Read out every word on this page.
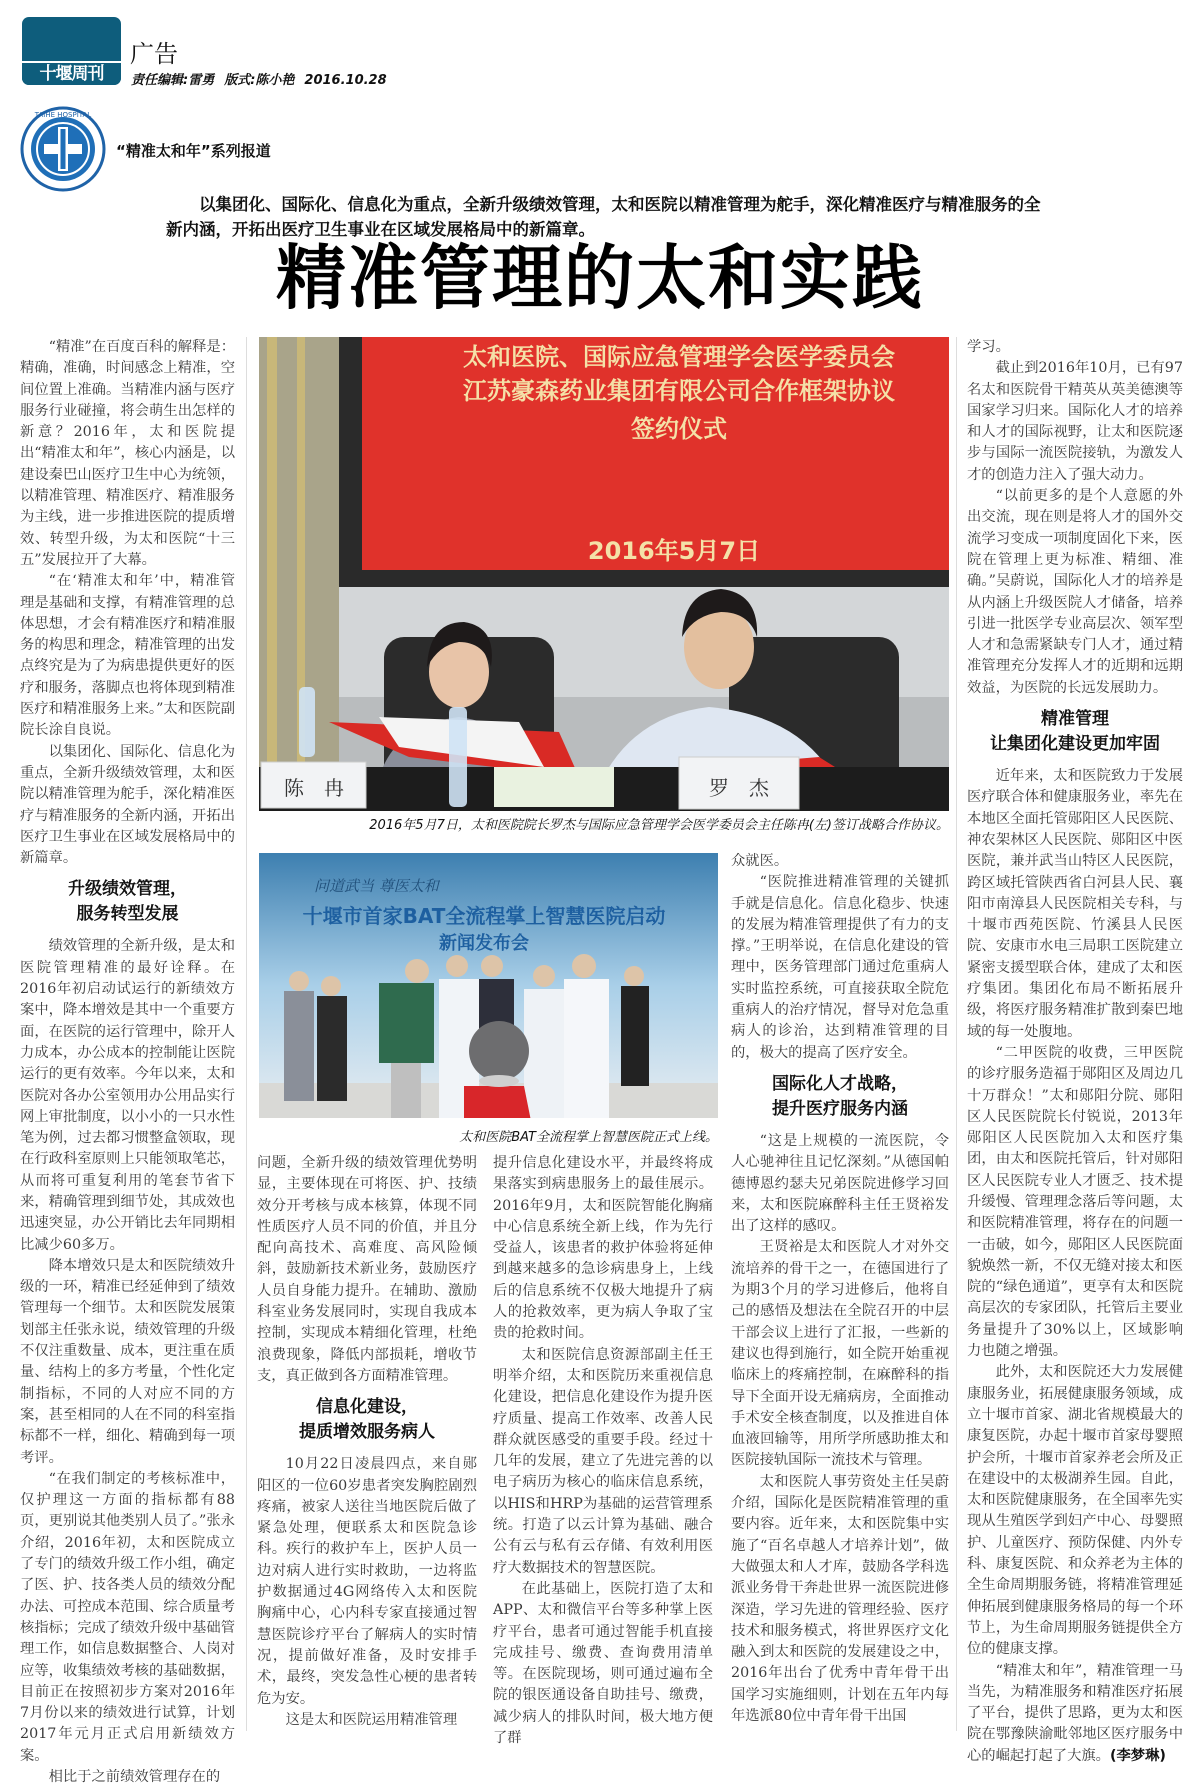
十堰周刊
广告
责任编辑:雷勇 版式:陈小艳 2016.10.28
TAIHE HOSPITAL
“精准太和年”系列报道
以集团化、国际化、信息化为重点，全新升级绩效管理，太和医院以精准管理为舵手，深化精准医疗与精准服务的全新内涵，开拓出医疗卫生事业在区域发展格局中的新篇章。
精准管理的太和实践
太和医院、国际应急管理学会医学委员会
江苏豪森药业集团有限公司合作框架协议
签约仪式
2016年5月7日
陈　冉	罗　杰
2016年5月7日，太和医院院长罗杰与国际应急管理学会医学委员会主任陈冉(左)签订战略合作协议。
问道武当 尊医太和
十堰市首家BAT全流程掌上智慧医院启动
新闻发布会
太和医院BAT全流程掌上智慧医院正式上线。

“精准”在百度百科的解释是：精确，准确，时间感念上精准，空间位置上准确。当精准内涵与医疗服务行业碰撞，将会萌生出怎样的新意？2016年，太和医院提出“精准太和年”，核心内涵是，以建设秦巴山医疗卫生中心为统领，以精准管理、精准医疗、精准服务为主线，进一步推进医院的提质增效、转型升级，为太和医院“十三五”发展拉开了大幕。

“在‘精准太和年’中，精准管理是基础和支撑，有精准管理的总体思想，才会有精准医疗和精准服务的构思和理念，精准管理的出发点终究是为了为病患提供更好的医疗和服务，落脚点也将体现到精准医疗和精准服务上来。”太和医院副院长涂自良说。

以集团化、国际化、信息化为重点，全新升级绩效管理，太和医院以精准管理为舵手，深化精准医疗与精准服务的全新内涵，开拓出医疗卫生事业在区域发展格局中的新篇章。

升级绩效管理，
服务转型发展

绩效管理的全新升级，是太和医院管理精准的最好诠释。在2016年初启动试运行的新绩效方案中，降本增效是其中一个重要方面，在医院的运行管理中，除开人力成本，办公成本的控制能让医院运行的更有效率。今年以来，太和医院对各办公室领用办公用品实行网上审批制度，以小小的一只水性笔为例，过去都习惯整盒领取，现在行政科室原则上只能领取笔芯，从而将可重复利用的笔套节省下来，精确管理到细节处，其成效也迅速突显，办公开销比去年同期相比减少60多万。

降本增效只是太和医院绩效升级的一环，精准已经延伸到了绩效管理每一个细节。太和医院发展策划部主任张永说，绩效管理的升级不仅注重数量、成本，更注重在质量、结构上的多方考量，个性化定制指标，不同的人对应不同的方案，甚至相同的人在不同的科室指标都不一样，细化、精确到每一项考评。

“在我们制定的考核标准中，仅护理这一方面的指标都有88页，更别说其他类别人员了。”张永介绍，2016年初，太和医院成立了专门的绩效升级工作小组，确定了医、护、技各类人员的绩效分配办法、可控成本范围、综合质量考核指标；完成了绩效升级中基础管理工作，如信息数据整合、人岗对应等，收集绩效考核的基础数据，目前正在按照初步方案对2016年7月份以来的绩效进行试算，计划2017年元月正式启用新绩效方案。

相比于之前绩效管理存在的

问题，全新升级的绩效管理优势明显，主要体现在可将医、护、技绩效分开考核与成本核算，体现不同性质医疗人员不同的价值，并且分配向高技术、高难度、高风险倾斜，鼓励新技术新业务，鼓励医疗人员自身能力提升。在辅助、激励科室业务发展同时，实现自我成本控制，实现成本精细化管理，杜绝浪费现象，降低内部损耗，增收节支，真正做到各方面精准管理。

信息化建设，
提质增效服务病人

10月22日凌晨四点，来自郧阳区的一位60岁患者突发胸腔剧烈疼痛，被家人送往当地医院后做了紧急处理，便联系太和医院急诊科。疾行的救护车上，医护人员一边对病人进行实时救助，一边将监护数据通过4G网络传入太和医院胸痛中心，心内科专家直接通过智慧医院诊疗平台了解病人的实时情况，提前做好准备，及时安排手术，最终，突发急性心梗的患者转危为安。

这是太和医院运用精准管理

提升信息化建设水平，并最终将成果落实到病患服务上的最佳展示。2016年9月，太和医院智能化胸痛中心信息系统全新上线，作为先行受益人，该患者的救护体验将延伸到越来越多的急诊病患身上，上线后的信息系统不仅极大地提升了病人的抢救效率，更为病人争取了宝贵的抢救时间。

太和医院信息资源部副主任王明举介绍，太和医院历来重视信息化建设，把信息化建设作为提升医疗质量、提高工作效率、改善人民群众就医感受的重要手段。经过十几年的发展，建立了先进完善的以电子病历为核心的临床信息系统，以HIS和HRP为基础的运营管理系统。打造了以云计算为基础、融合公有云与私有云存储、有效利用医疗大数据技术的智慧医院。

在此基础上，医院打造了太和APP、太和微信平台等多种掌上医疗平台，患者可通过智能手机直接完成挂号、缴费、查询费用清单等。在医院现场，则可通过遍布全院的银医通设备自助挂号、缴费，减少病人的排队时间，极大地方便了群

众就医。

“医院推进精准管理的关键抓手就是信息化。信息化稳步、快速的发展为精准管理提供了有力的支撑。”王明举说，在信息化建设的管理中，医务管理部门通过危重病人实时监控系统，可直接获取全院危重病人的治疗情况，督导对危急重病人的诊治，达到精准管理的目的，极大的提高了医疗安全。

国际化人才战略，
提升医疗服务内涵

“这是上规模的一流医院，令人心驰神往且记忆深刻。”从德国帕德博恩约瑟夫兄弟医院进修学习回来，太和医院麻醉科主任王贤裕发出了这样的感叹。

王贤裕是太和医院人才对外交流培养的骨干之一，在德国进行了为期3个月的学习进修后，他将自己的感悟及想法在全院召开的中层干部会议上进行了汇报，一些新的建议也得到施行，如全院开始重视临床上的疼痛控制，在麻醉科的指导下全面开设无痛病房，全面推动手术安全核查制度，以及推进自体血液回输等，用所学所感助推太和医院接轨国际一流技术与管理。

太和医院人事劳资处主任吴蔚介绍，国际化是医院精准管理的重要内容。近年来，太和医院集中实施了“百名卓越人才培养计划”，做大做强太和人才库，鼓励各学科选派业务骨干奔赴世界一流医院进修深造，学习先进的管理经验、医疗技术和服务模式，将世界医疗文化融入到太和医院的发展建设之中，2016年出台了优秀中青年骨干出国学习实施细则，计划在五年内每年选派80位中青年骨干出国

学习。

截止到2016年10月，已有97名太和医院骨干精英从英美德澳等国家学习归来。国际化人才的培养和人才的国际视野，让太和医院逐步与国际一流医院接轨，为激发人才的创造力注入了强大动力。

“以前更多的是个人意愿的外出交流，现在则是将人才的国外交流学习变成一项制度固化下来，医院在管理上更为标准、精细、准确。”吴蔚说，国际化人才的培养是从内涵上升级医院人才储备，培养引进一批医学专业高层次、领军型人才和急需紧缺专门人才，通过精准管理充分发挥人才的近期和远期效益，为医院的长远发展助力。

精准管理
让集团化建设更加牢固

近年来，太和医院致力于发展医疗联合体和健康服务业，率先在本地区全面托管郧阳区人民医院、神农架林区人民医院、郧阳区中医医院，兼并武当山特区人民医院，跨区域托管陕西省白河县人民、襄阳市南漳县人民医院相关专科，与十堰市西苑医院、竹溪县人民医院、安康市水电三局职工医院建立紧密支援型联合体，建成了太和医疗集团。集团化布局不断拓展升级，将医疗服务精准扩散到秦巴地域的每一处腹地。

“二甲医院的收费，三甲医院的诊疗服务造福于郧阳区及周边几十万群众！”太和郧阳分院、郧阳区人民医院院长付锐说，2013年郧阳区人民医院加入太和医疗集团，由太和医院托管后，针对郧阳区人民医院专业人才匮乏、技术提升缓慢、管理理念落后等问题，太和医院精准管理，将存在的问题一一击破，如今，郧阳区人民医院面貌焕然一新，不仅无缝对接太和医院的“绿色通道”，更享有太和医院高层次的专家团队，托管后主要业务量提升了30%以上，区域影响力也随之增强。

此外，太和医院还大力发展健康服务业，拓展健康服务领域，成立十堰市首家、湖北省规模最大的康复医院，办起十堰市首家母婴照护会所，十堰市首家养老会所及正在建设中的太极湖养生园。自此，太和医院健康服务，在全国率先实现从生殖医学到妇产中心、母婴照护、儿童医疗、预防保健、内外专科、康复医院、和众养老为主体的全生命周期服务链，将精准管理延伸拓展到健康服务格局的每一个环节上，为生命周期服务链提供全方位的健康支撑。

“精准太和年”，精准管理一马当先，为精准服务和精准医疗拓展了平台，提供了思路，更为太和医院在鄂豫陕渝毗邻地区医疗服务中心的崛起打起了大旗。(李梦琳)
